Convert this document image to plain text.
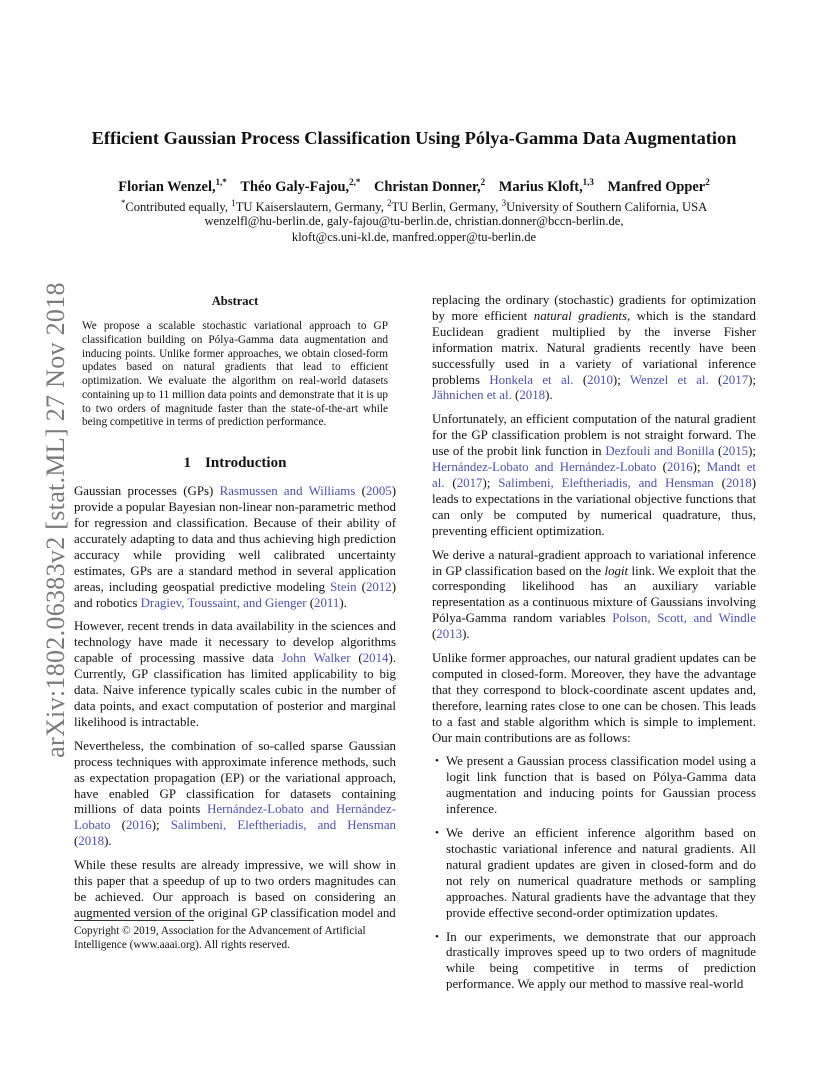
arXiv:1802.06383v2 [stat.ML] 27 Nov 2018
Efficient Gaussian Process Classification Using Pólya-Gamma Data Augmentation
Florian Wenzel,$^{1,*}$ Théo Galy-Fajou,$^{2,*}$ Christan Donner,$^2$ Marius Kloft,$^{1,3}$ Manfred Opper$^2$
*Contributed equally, $^1$TU Kaiserslautern, Germany, $^2$TU Berlin, Germany, $^3$University of Southern California, USA
wenzelfl@hu-berlin.de, galy-fajou@tu-berlin.de, christian.donner@bccn-berlin.de,
kloft@cs.uni-kl.de, manfred.opper@tu-berlin.de
Abstract
We propose a scalable stochastic variational approach to GP classification building on Pólya-Gamma data augmentation and inducing points. Unlike former approaches, we obtain closed-form updates based on natural gradients that lead to efficient optimization. We evaluate the algorithm on real-world datasets containing up to 11 million data points and demonstrate that it is up to two orders of magnitude faster than the state-of-the-art while being competitive in terms of prediction performance.
1 Introduction

Gaussian processes (GPs) Rasmussen and Williams (2005) provide a popular Bayesian non-linear non-parametric method for regression and classification. Because of their ability of accurately adapting to data and thus achieving high prediction accuracy while providing well calibrated uncertainty estimates, GPs are a standard method in several application areas, including geospatial predictive modeling Stein (2012) and robotics Dragiev, Toussaint, and Gienger (2011).

However, recent trends in data availability in the sciences and technology have made it necessary to develop algorithms capable of processing massive data John Walker (2014). Currently, GP classification has limited applicability to big data. Naive inference typically scales cubic in the number of data points, and exact computation of posterior and marginal likelihood is intractable.

Nevertheless, the combination of so-called sparse Gaussian process techniques with approximate inference methods, such as expectation propagation (EP) or the variational approach, have enabled GP classification for datasets containing millions of data points Hernández-Lobato and Hernández-Lobato (2016); Salimbeni, Eleftheriadis, and Hensman (2018).

While these results are already impressive, we will show in this paper that a speedup of up to two orders magnitudes can be achieved. Our approach is based on considering an augmented version of the original GP classification model and

Copyright © 2019, Association for the Advancement of Artificial Intelligence (www.aaai.org). All rights reserved.

replacing the ordinary (stochastic) gradients for optimization by more efficient natural gradients, which is the standard Euclidean gradient multiplied by the inverse Fisher information matrix. Natural gradients recently have been successfully used in a variety of variational inference problems Honkela et al. (2010); Wenzel et al. (2017); Jähnichen et al. (2018).

Unfortunately, an efficient computation of the natural gradient for the GP classification problem is not straight forward. The use of the probit link function in Dezfouli and Bonilla (2015); Hernández-Lobato and Hernández-Lobato (2016); Mandt et al. (2017); Salimbeni, Eleftheriadis, and Hensman (2018) leads to expectations in the variational objective functions that can only be computed by numerical quadrature, thus, preventing efficient optimization.

We derive a natural-gradient approach to variational inference in GP classification based on the logit link. We exploit that the corresponding likelihood has an auxiliary variable representation as a continuous mixture of Gaussians involving Pólya-Gamma random variables Polson, Scott, and Windle (2013).

Unlike former approaches, our natural gradient updates can be computed in closed-form. Moreover, they have the advantage that they correspond to block-coordinate ascent updates and, therefore, learning rates close to one can be chosen. This leads to a fast and stable algorithm which is simple to implement. Our main contributions are as follows:

• We present a Gaussian process classification model using a logit link function that is based on Pólya-Gamma data augmentation and inducing points for Gaussian process inference.
• We derive an efficient inference algorithm based on stochastic variational inference and natural gradients. All natural gradient updates are given in closed-form and do not rely on numerical quadrature methods or sampling approaches. Natural gradients have the advantage that they provide effective second-order optimization updates.
• In our experiments, we demonstrate that our approach drastically improves speed up to two orders of magnitude while being competitive in terms of prediction performance. We apply our method to massive real-world
